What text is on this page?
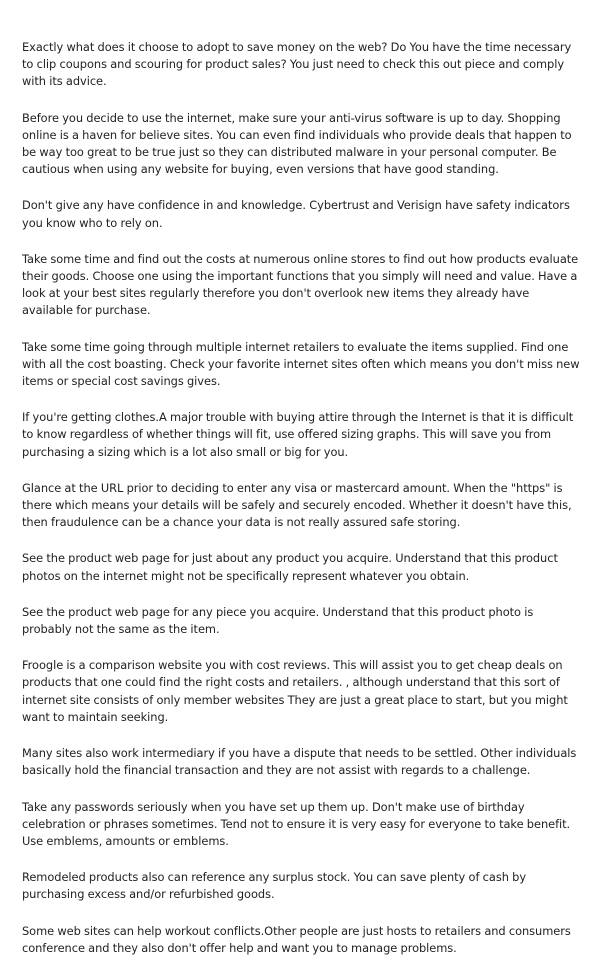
Exactly what does it choose to adopt to save money on the web? Do You have the time necessary to clip coupons and scouring for product sales? You just need to check this out piece and comply with its advice.

Before you decide to use the internet, make sure your anti-virus software is up to day. Shopping online is a haven for believe sites. You can even find individuals who provide deals that happen to be way too great to be true just so they can distributed malware in your personal computer. Be cautious when using any website for buying, even versions that have good standing.

Don't give any have confidence in and knowledge. Cybertrust and Verisign have safety indicators you know who to rely on.

Take some time and find out the costs at numerous online stores to find out how products evaluate their goods. Choose one using the important functions that you simply will need and value. Have a look at your best sites regularly therefore you don't overlook new items they already have available for purchase.

Take some time going through multiple internet retailers to evaluate the items supplied. Find one with all the cost boasting. Check your favorite internet sites often which means you don't miss new items or special cost savings gives.

If you're getting clothes.A major trouble with buying attire through the Internet is that it is difficult to know regardless of whether things will fit, use offered sizing graphs. This will save you from purchasing a sizing which is a lot also small or big for you.

Glance at the URL prior to deciding to enter any visa or mastercard amount. When the "https" is there which means your details will be safely and securely encoded. Whether it doesn't have this, then fraudulence can be a chance your data is not really assured safe storing.

See the product web page for just about any product you acquire. Understand that this product photos on the internet might not be specifically represent whatever you obtain.

See the product web page for any piece you acquire. Understand that this product photo is probably not the same as the item.

Froogle is a comparison website you with cost reviews. This will assist you to get cheap deals on products that one could find the right costs and retailers. , although understand that this sort of internet site consists of only member websites They are just a great place to start, but you might want to maintain seeking.

Many sites also work intermediary if you have a dispute that needs to be settled. Other individuals basically hold the financial transaction and they are not assist with regards to a challenge.

Take any passwords seriously when you have set up them up. Don't make use of birthday celebration or phrases sometimes. Tend not to ensure it is very easy for everyone to take benefit. Use emblems, amounts or emblems.

Remodeled products also can reference any surplus stock. You can save plenty of cash by purchasing excess and/or refurbished goods.

Some web sites can help workout conflicts.Other people are just hosts to retailers and consumers conference and they also don't offer help and want you to manage problems.
